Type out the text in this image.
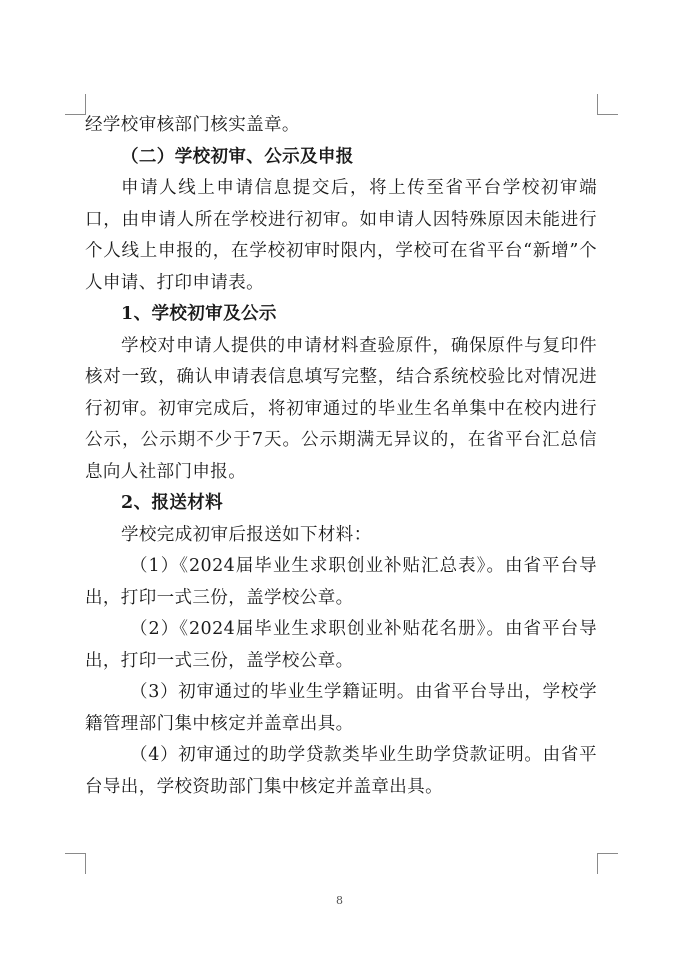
经学校审核部门核实盖章。

（二）学校初审、公示及申报

申请人线上申请信息提交后，将上传至省平台学校初审端口，由申请人所在学校进行初审。如申请人因特殊原因未能进行个人线上申报的，在学校初审时限内，学校可在省平台“新增”个人申请、打印申请表。

1、学校初审及公示

学校对申请人提供的申请材料查验原件，确保原件与复印件核对一致，确认申请表信息填写完整，结合系统校验比对情况进行初审。初审完成后，将初审通过的毕业生名单集中在校内进行公示，公示期不少于7天。公示期满无异议的，在省平台汇总信息向人社部门申报。

2、报送材料

学校完成初审后报送如下材料：

（1）《2024届毕业生求职创业补贴汇总表》。由省平台导出，打印一式三份，盖学校公章。

（2）《2024届毕业生求职创业补贴花名册》。由省平台导出，打印一式三份，盖学校公章。

（3）初审通过的毕业生学籍证明。由省平台导出，学校学籍管理部门集中核定并盖章出具。

（4）初审通过的助学贷款类毕业生助学贷款证明。由省平台导出，学校资助部门集中核定并盖章出具。

8
